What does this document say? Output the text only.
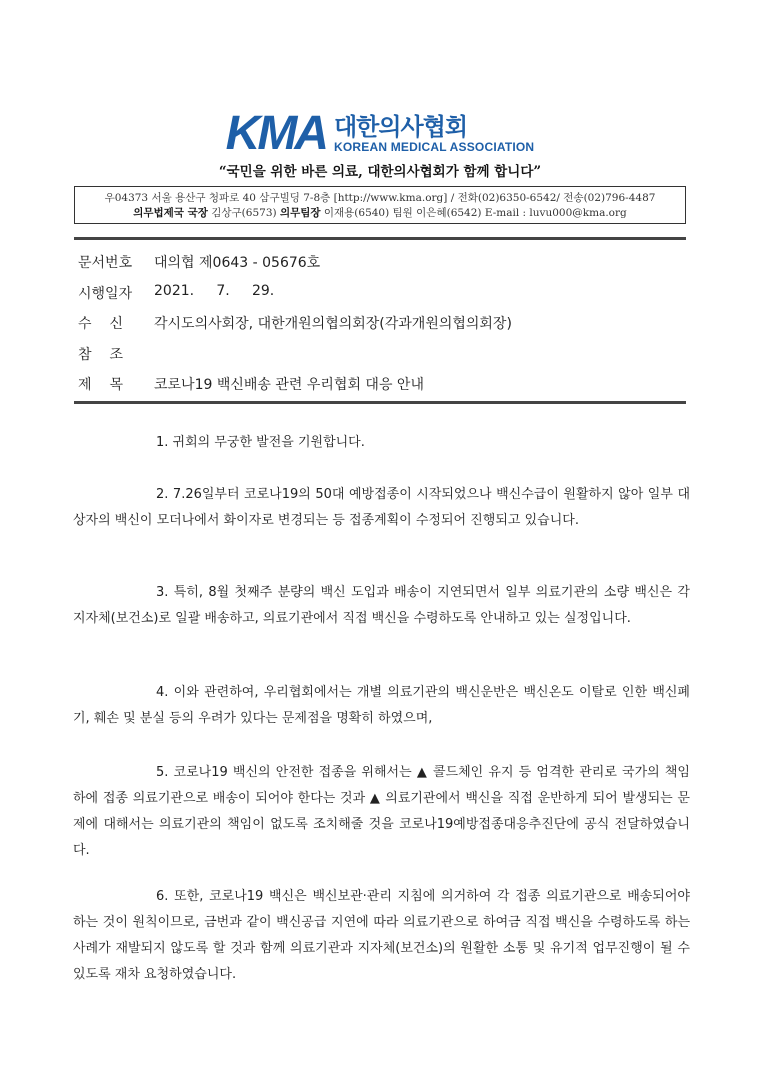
KMA 대한의사협회
KOREAN MEDICAL ASSOCIATION
“국민을 위한 바른 의료, 대한의사협회가 함께 합니다”
우04373 서울 용산구 청파로 40 삼구빌딩 7-8층 [http://www.kma.org] / 전화(02)6350-6542/ 전송(02)796-4487
의무법제국 국장 김상구(6573) 의무팀장 이재용(6540) 팀원 이은혜(6542) E-mail : luvu000@kma.org
문서번호	대의협 제0643 - 05676호
시행일자	2021.     7.     29.
수신 각시도의사회장, 대한개원의협의회장(각과개원의협의회장)
참조
제목 코로나19 백신배송 관련 우리협회 대응 안내
1. 귀회의 무궁한 발전을 기원합니다.
2. 7.26일부터 코로나19의 50대 예방접종이 시작되었으나 백신수급이 원활하지 않아 일부 대상자의 백신이 모더나에서 화이자로 변경되는 등 접종계획이 수정되어 진행되고 있습니다.
3. 특히, 8월 첫째주 분량의 백신 도입과 배송이 지연되면서 일부 의료기관의 소량 백신은 각 지자체(보건소)로 일괄 배송하고, 의료기관에서 직접 백신을 수령하도록 안내하고 있는 실정입니다.
4. 이와 관련하여, 우리협회에서는 개별 의료기관의 백신운반은 백신온도 이탈로 인한 백신폐기, 훼손 및 분실 등의 우려가 있다는 문제점을 명확히 하였으며,
5. 코로나19 백신의 안전한 접종을 위해서는 ▲ 콜드체인 유지 등 엄격한 관리로 국가의 책임 하에 접종 의료기관으로 배송이 되어야 한다는 것과 ▲ 의료기관에서 백신을 직접 운반하게 되어 발생되는 문제에 대해서는 의료기관의 책임이 없도록 조치해줄 것을 코로나19예방접종대응추진단에 공식 전달하였습니다.
6. 또한, 코로나19 백신은 백신보관·관리 지침에 의거하여 각 접종 의료기관으로 배송되어야 하는 것이 원칙이므로, 금번과 같이 백신공급 지연에 따라 의료기관으로 하여금 직접 백신을 수령하도록 하는 사례가 재발되지 않도록 할 것과 함께 의료기관과 지자체(보건소)의 원활한 소통 및 유기적 업무진행이 될 수 있도록 재차 요청하였습니다.
